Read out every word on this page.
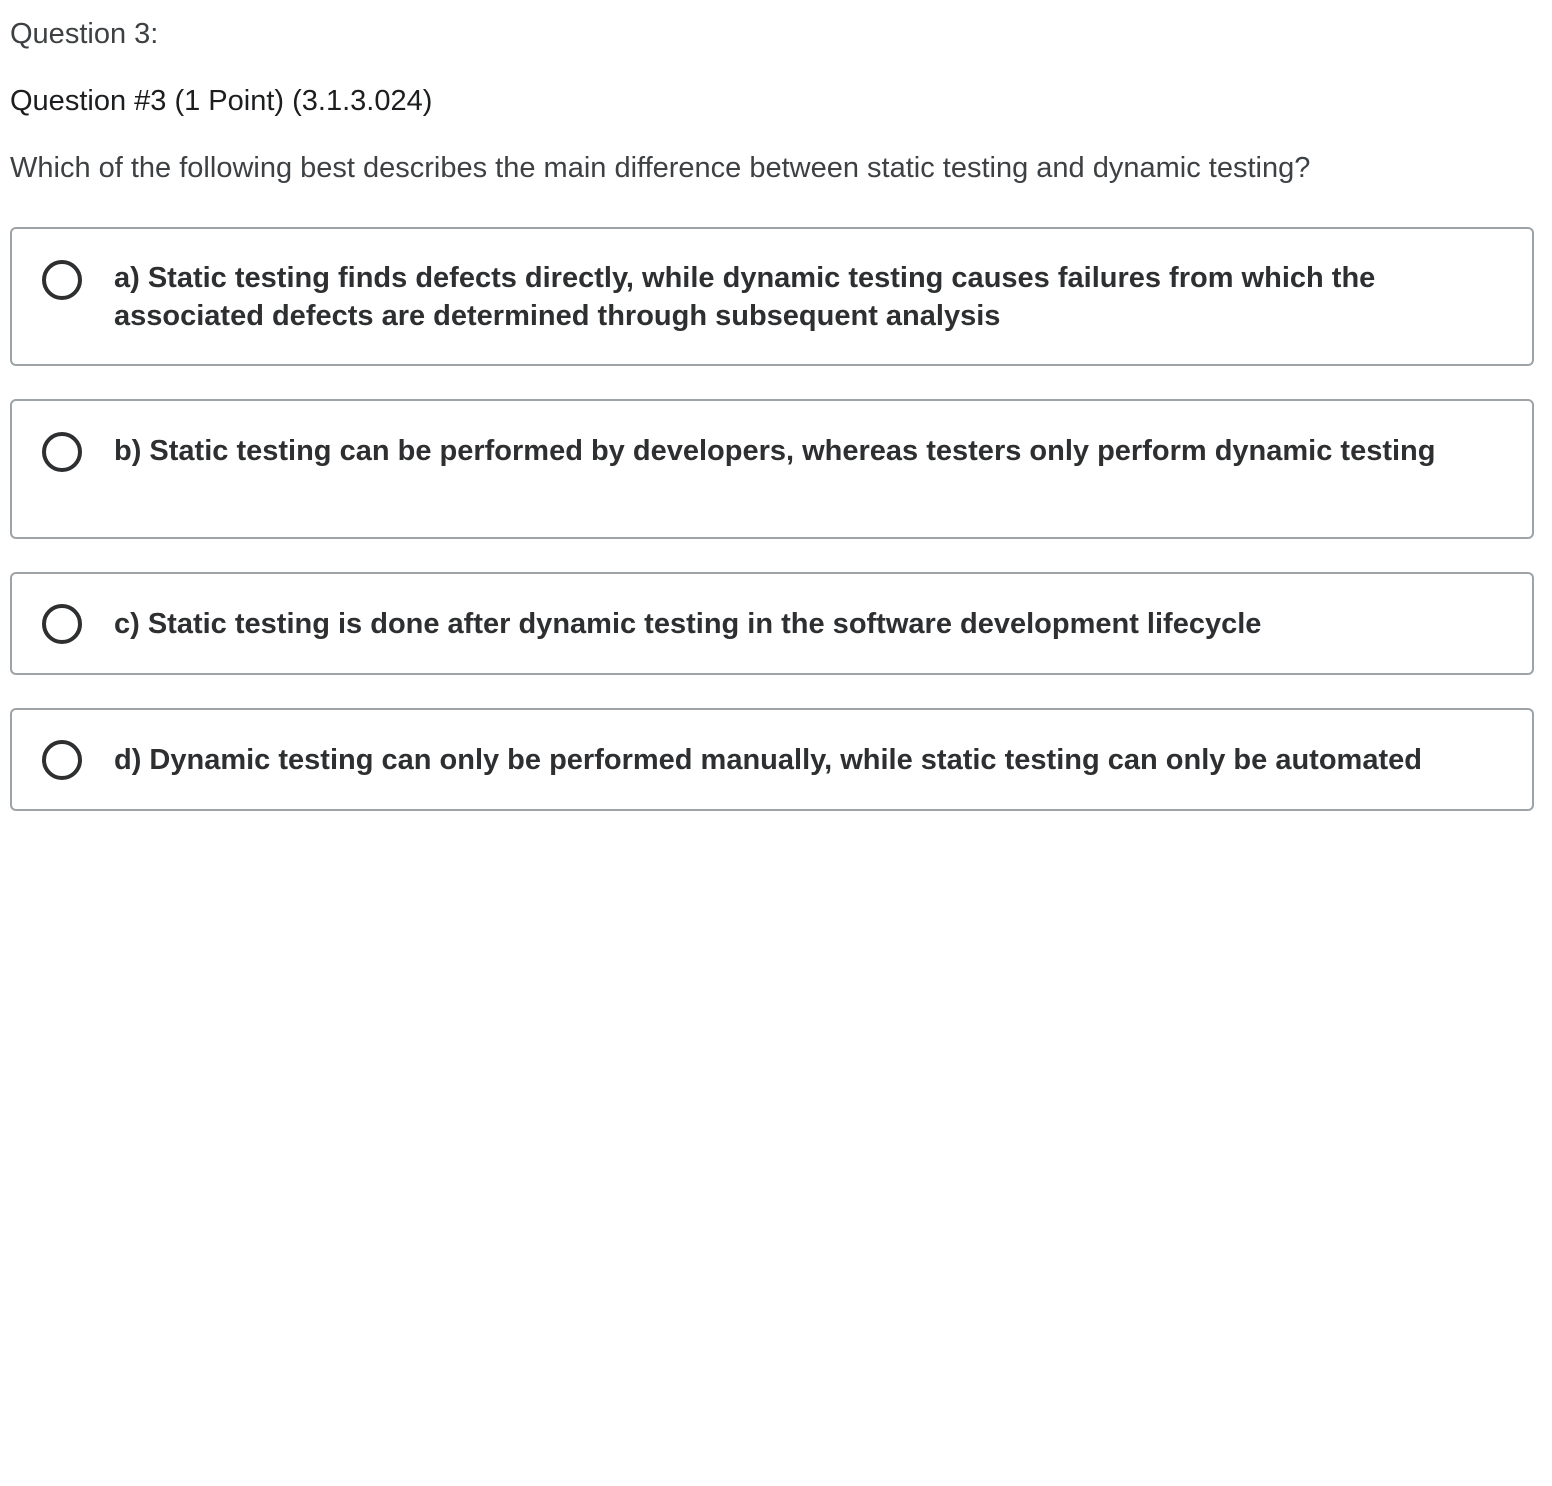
Question 3:
Question #3 (1 Point) (3.1.3.024)
Which of the following best describes the main difference between static testing and dynamic testing?
a) Static testing finds defects directly, while dynamic testing causes failures from which the associated defects are determined through subsequent analysis
b) Static testing can be performed by developers, whereas testers only perform dynamic testing
c) Static testing is done after dynamic testing in the software development lifecycle
d) Dynamic testing can only be performed manually, while static testing can only be automated
